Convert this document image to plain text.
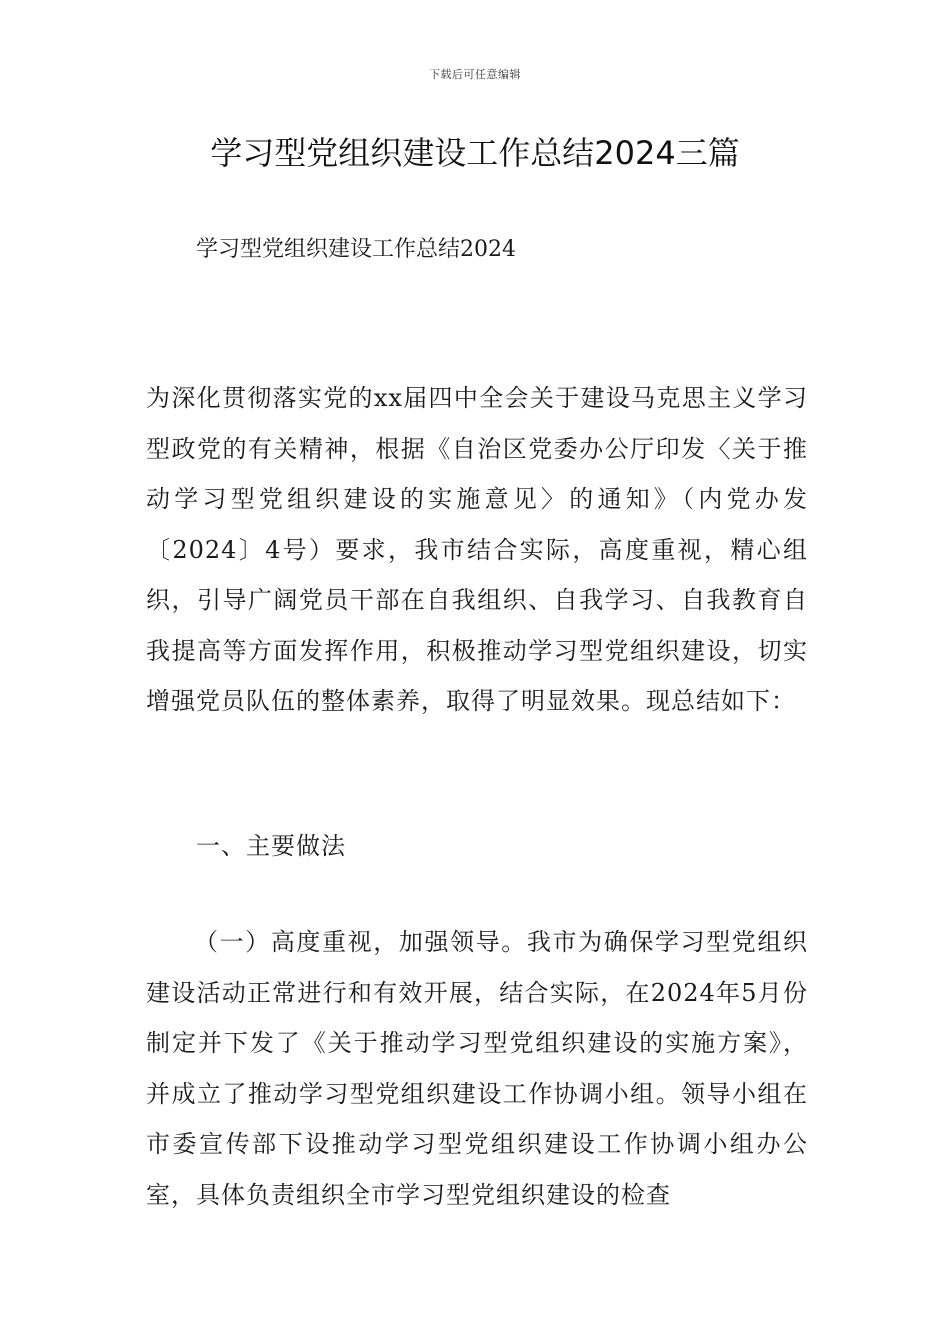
下载后可任意编辑
学习型党组织建设工作总结2024三篇

学习型党组织建设工作总结2024

为深化贯彻落实党的xx届四中全会关于建设马克思主义学习型政党的有关精神，根据《自治区党委办公厅印发〈关于推动学习型党组织建设的实施意见〉的通知》（内党办发〔2024〕4号）要求，我市结合实际，高度重视，精心组织，引导广阔党员干部在自我组织、自我学习、自我教育自我提高等方面发挥作用，积极推动学习型党组织建设，切实增强党员队伍的整体素养，取得了明显效果。现总结如下：

一、主要做法

（一）高度重视，加强领导。我市为确保学习型党组织建设活动正常进行和有效开展，结合实际，在2024年5月份制定并下发了《关于推动学习型党组织建设的实施方案》，并成立了推动学习型党组织建设工作协调小组。领导小组在市委宣传部下设推动学习型党组织建设工作协调小组办公室，具体负责组织全市学习型党组织建设的检查
